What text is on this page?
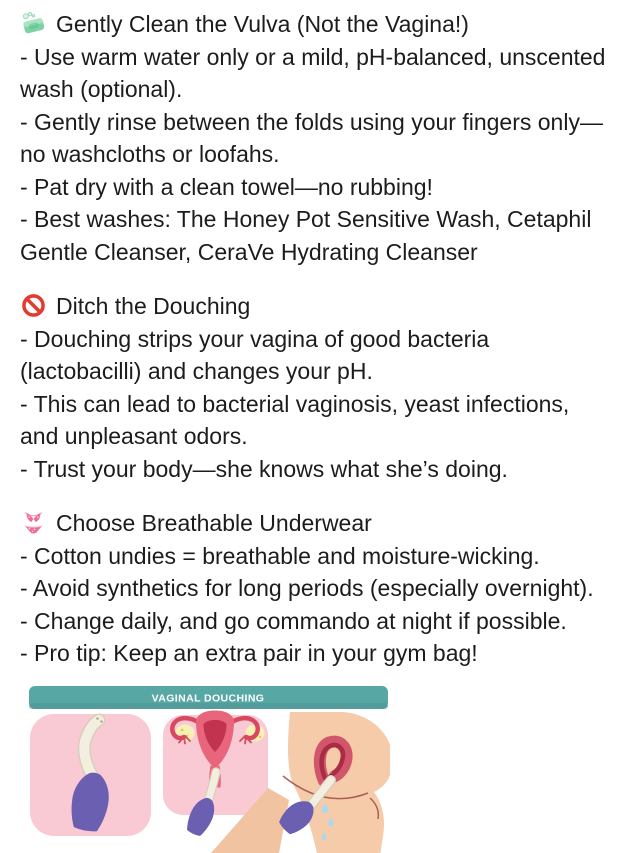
Gently Clean the Vulva (Not the Vagina!)

- Use warm water only or a mild, pH-balanced, unscented wash (optional).

- Gently rinse between the folds using your fingers only—no washcloths or loofahs.

- Pat dry with a clean towel—no rubbing!

- Best washes: The Honey Pot Sensitive Wash, Cetaphil Gentle Cleanser, CeraVe Hydrating Cleanser

Ditch the Douching

- Douching strips your vagina of good bacteria (lactobacilli) and changes your pH.

- This can lead to bacterial vaginosis, yeast infections, and unpleasant odors.

- Trust your body—she knows what she’s doing.

Choose Breathable Underwear

- Cotton undies = breathable and moisture-wicking.

- Avoid synthetics for long periods (especially overnight).

- Change daily, and go commando at night if possible.

- Pro tip: Keep an extra pair in your gym bag!

VAGINAL DOUCHING
